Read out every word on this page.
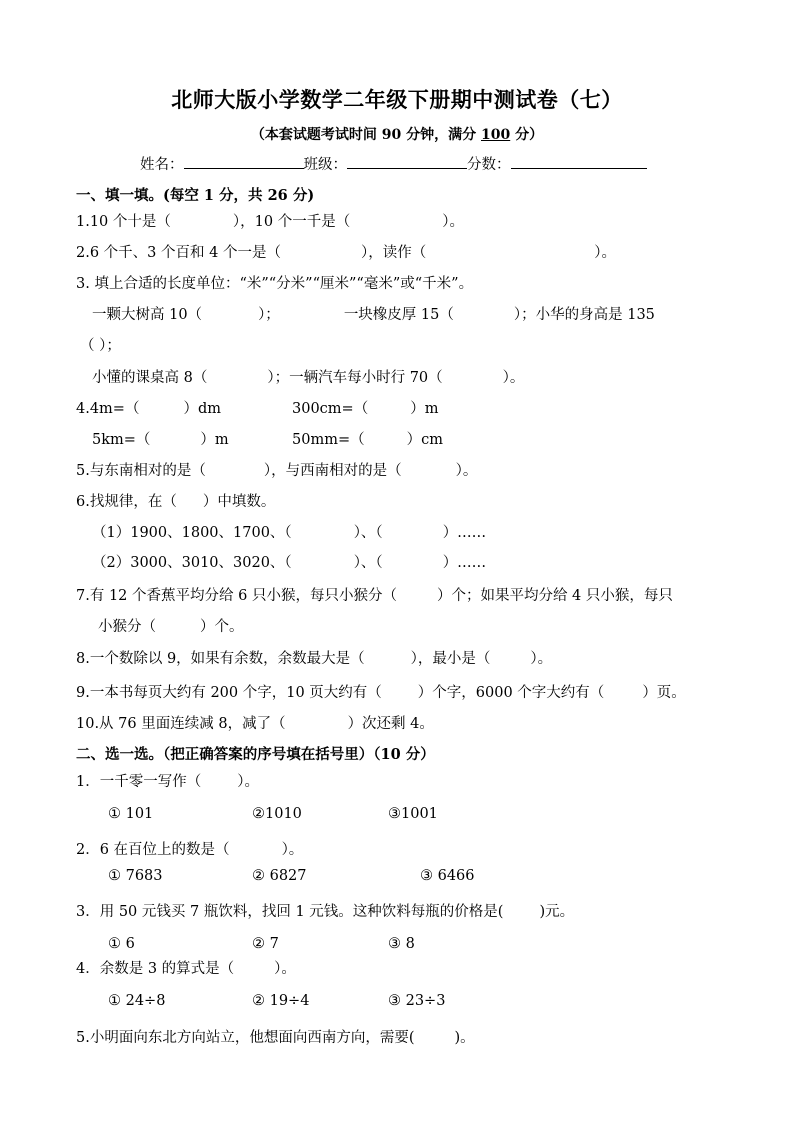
北师大版小学数学二年级下册期中测试卷（七）
（本套试题考试时间 90 分钟，满分 100 分）
姓名：	班级：	分数：
一、填一填。(每空 1 分，共 26 分)
1.10 个十是（	），10 个一千是（	）。
2.6 个千、3 个百和 4 个一是（	），读作（	）。
3. 填上合适的长度单位：“米”“分米”“厘米”“毫米”或“千米”。
一颗大树高 10（	）；	一块橡皮厚 15（	）；小华的身高是 135
（ ）；
小懂的课桌高 8（	）；一辆汽车每小时行 70（	）。
4.4m=（	）dm	300cm=（	）m
5km=（	）m	50mm=（	）cm
5.与东南相对的是（	），与西南相对的是（	）。
6.找规律，在（ ）中填数。
（1）1900、1800、1700、（	）、（	）……
（2）3000、3010、3020、（	）、（	）……
7.有 12 个香蕉平均分给 6 只小猴，每只小猴分（	）个；如果平均分给 4 只小猴，每只
小猴分（	）个。
8.一个数除以 9，如果有余数，余数最大是（	），最小是（	）。
9.一本书每页大约有 200 个字，10 页大约有（ ）个字，6000 个字大约有（	）页。
10.从 76 里面连续减 8，减了（	）次还剩 4。
二、选一选。（把正确答案的序号填在括号里）（10 分）
1．一千零一写作（ ）。
① 101	②1010	③1001
2．6 在百位上的数是（	）。
① 7683	② 6827	③ 6466
3．用 50 元钱买 7 瓶饮料，找回 1 元钱。这种饮料每瓶的价格是( )元。
① 6	② 7	③ 8
4．余数是 3 的算式是（	）。
① 24÷8	② 19÷4	③ 23÷3
5.小明面向东北方向站立，他想面向西南方向，需要(	)。
